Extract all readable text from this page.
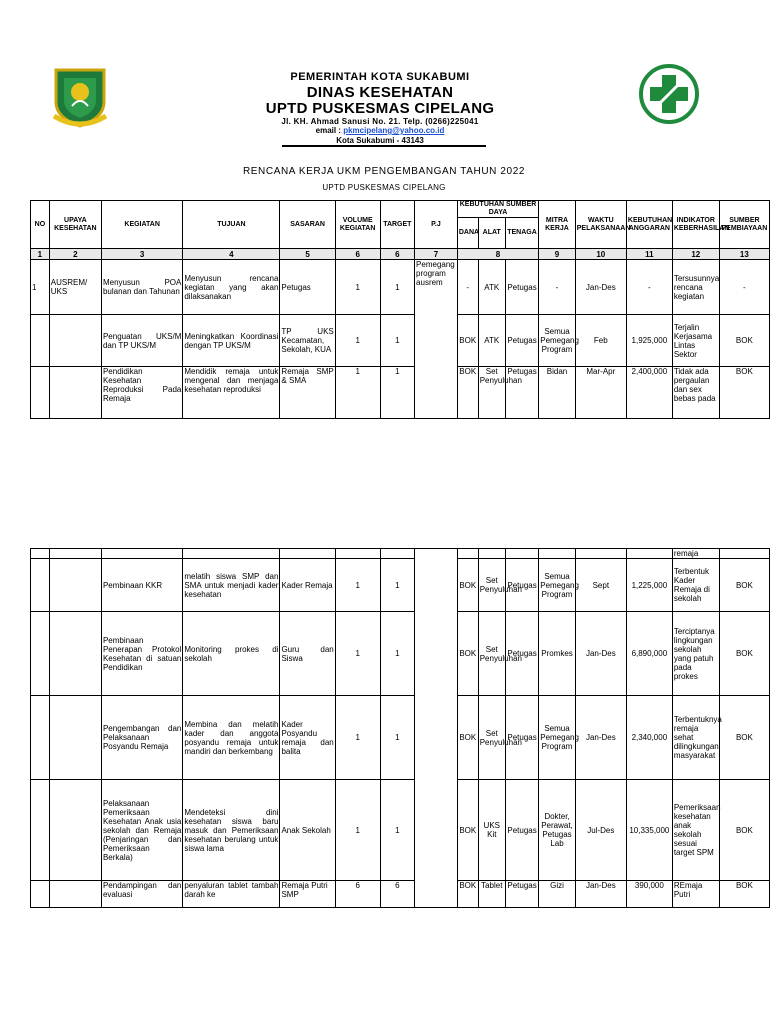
PEMERINTAH KOTA SUKABUMI
DINAS KESEHATAN
UPTD PUSKESMAS CIPELANG
Jl. KH. Ahmad Sanusi No. 21. Telp. (0266)225041
email : pkmcipelang@yahoo.co.id
Kota Sukabumi - 43143
RENCANA KERJA UKM PENGEMBANGAN TAHUN 2022
UPTD PUSKESMAS CIPELANG
NO	UPAYA KESEHATAN	KEGIATAN	TUJUAN	SASARAN	VOLUME KEGIATAN	TARGET	P.J	KEBUTUHAN SUMBER DAYA			MITRA KERJA	WAKTU PELAKSANAAN	KEBUTUHAN ANGGARAN	INDIKATOR KEBERHASILAN	SUMBER PEMBIAYAAN
								DANA	ALAT	TENAGA					
1	2	3	4	5	6	6	7	8			9	10	11	12	13
1	AUSREM/ UKS	Menyusun POA bulanan dan Tahunan	Menyusun rencana kegiatan yang akan dilaksanakan	Petugas	1	1	Pemegang program ausrem	-	ATK	Petugas	-	Jan-Des	-	Tersusunnya rencana kegiatan	-
		Penguatan UKS/M dan TP UKS/M	Meningkatkan Koordinasi dengan TP UKS/M	TP UKS Kecamatan, Sekolah, KUA	1	1		BOK	ATK	Petugas	Semua Pemegang Program	Feb	1,925,000	Terjalin Kerjasama Lintas Sektor	BOK
		Pendidikan Kesehatan Reproduksi Pada Remaja	Mendidik remaja untuk mengenal dan menjaga kesehatan reproduksi	Remaja SMP & SMA	1	1		BOK	Set Penyuluhan	Petugas	Bidan	Mar-Apr	2,400,000	Tidak ada pergaulan dan sex bebas pada	BOK
														remaja	
		Pembinaan KKR	melatih siswa SMP dan SMA untuk menjadi kader kesehatan	Kader Remaja	1	1		BOK	Set Penyuluhan	Petugas	Semua Pemegang Program	Sept	1,225,000	Terbentuk Kader Remaja di sekolah	BOK
		Pembinaan Penerapan Protokol Kesehatan di satuan Pendidikan	Monitoring prokes di sekolah	Guru dan Siswa	1	1		BOK	Set Penyuluhan	Petugas	Promkes	Jan-Des	6,890,000	Terciptanya lingkungan sekolah yang patuh pada prokes	BOK
		Pengembangan dan Pelaksanaan Posyandu Remaja	Membina dan melatih kader dan anggota posyandu remaja untuk mandiri dan berkembang	Kader Posyandu remaja dan balita	1	1		BOK	Set Penyuluhan	Petugas	Semua Pemegang Program	Jan-Des	2,340,000	Terbentuknya remaja sehat dilingkungan masyarakat	BOK
		Pelaksanaan Pemeriksaan Kesehatan Anak usia sekolah dan Remaja (Penjaringan dan Pemeriksaan Berkala)	Mendeteksi dini kesehatan siswa baru masuk dan Pemeriksaan kesehatan berulang untuk siswa lama	Anak Sekolah	1	1		BOK	UKS Kit	Petugas	Dokter, Perawat, Petugas Lab	Jul-Des	10,335,000	Pemeriksaan kesehatan anak sekolah sesuai target SPM	BOK
		Pendampingan dan evaluasi	penyaluran tablet tambah darah ke	Remaja Putri SMP	6	6		BOK	Tablet	Petugas	Gizi	Jan-Des	390,000	REmaja Putri	BOK
